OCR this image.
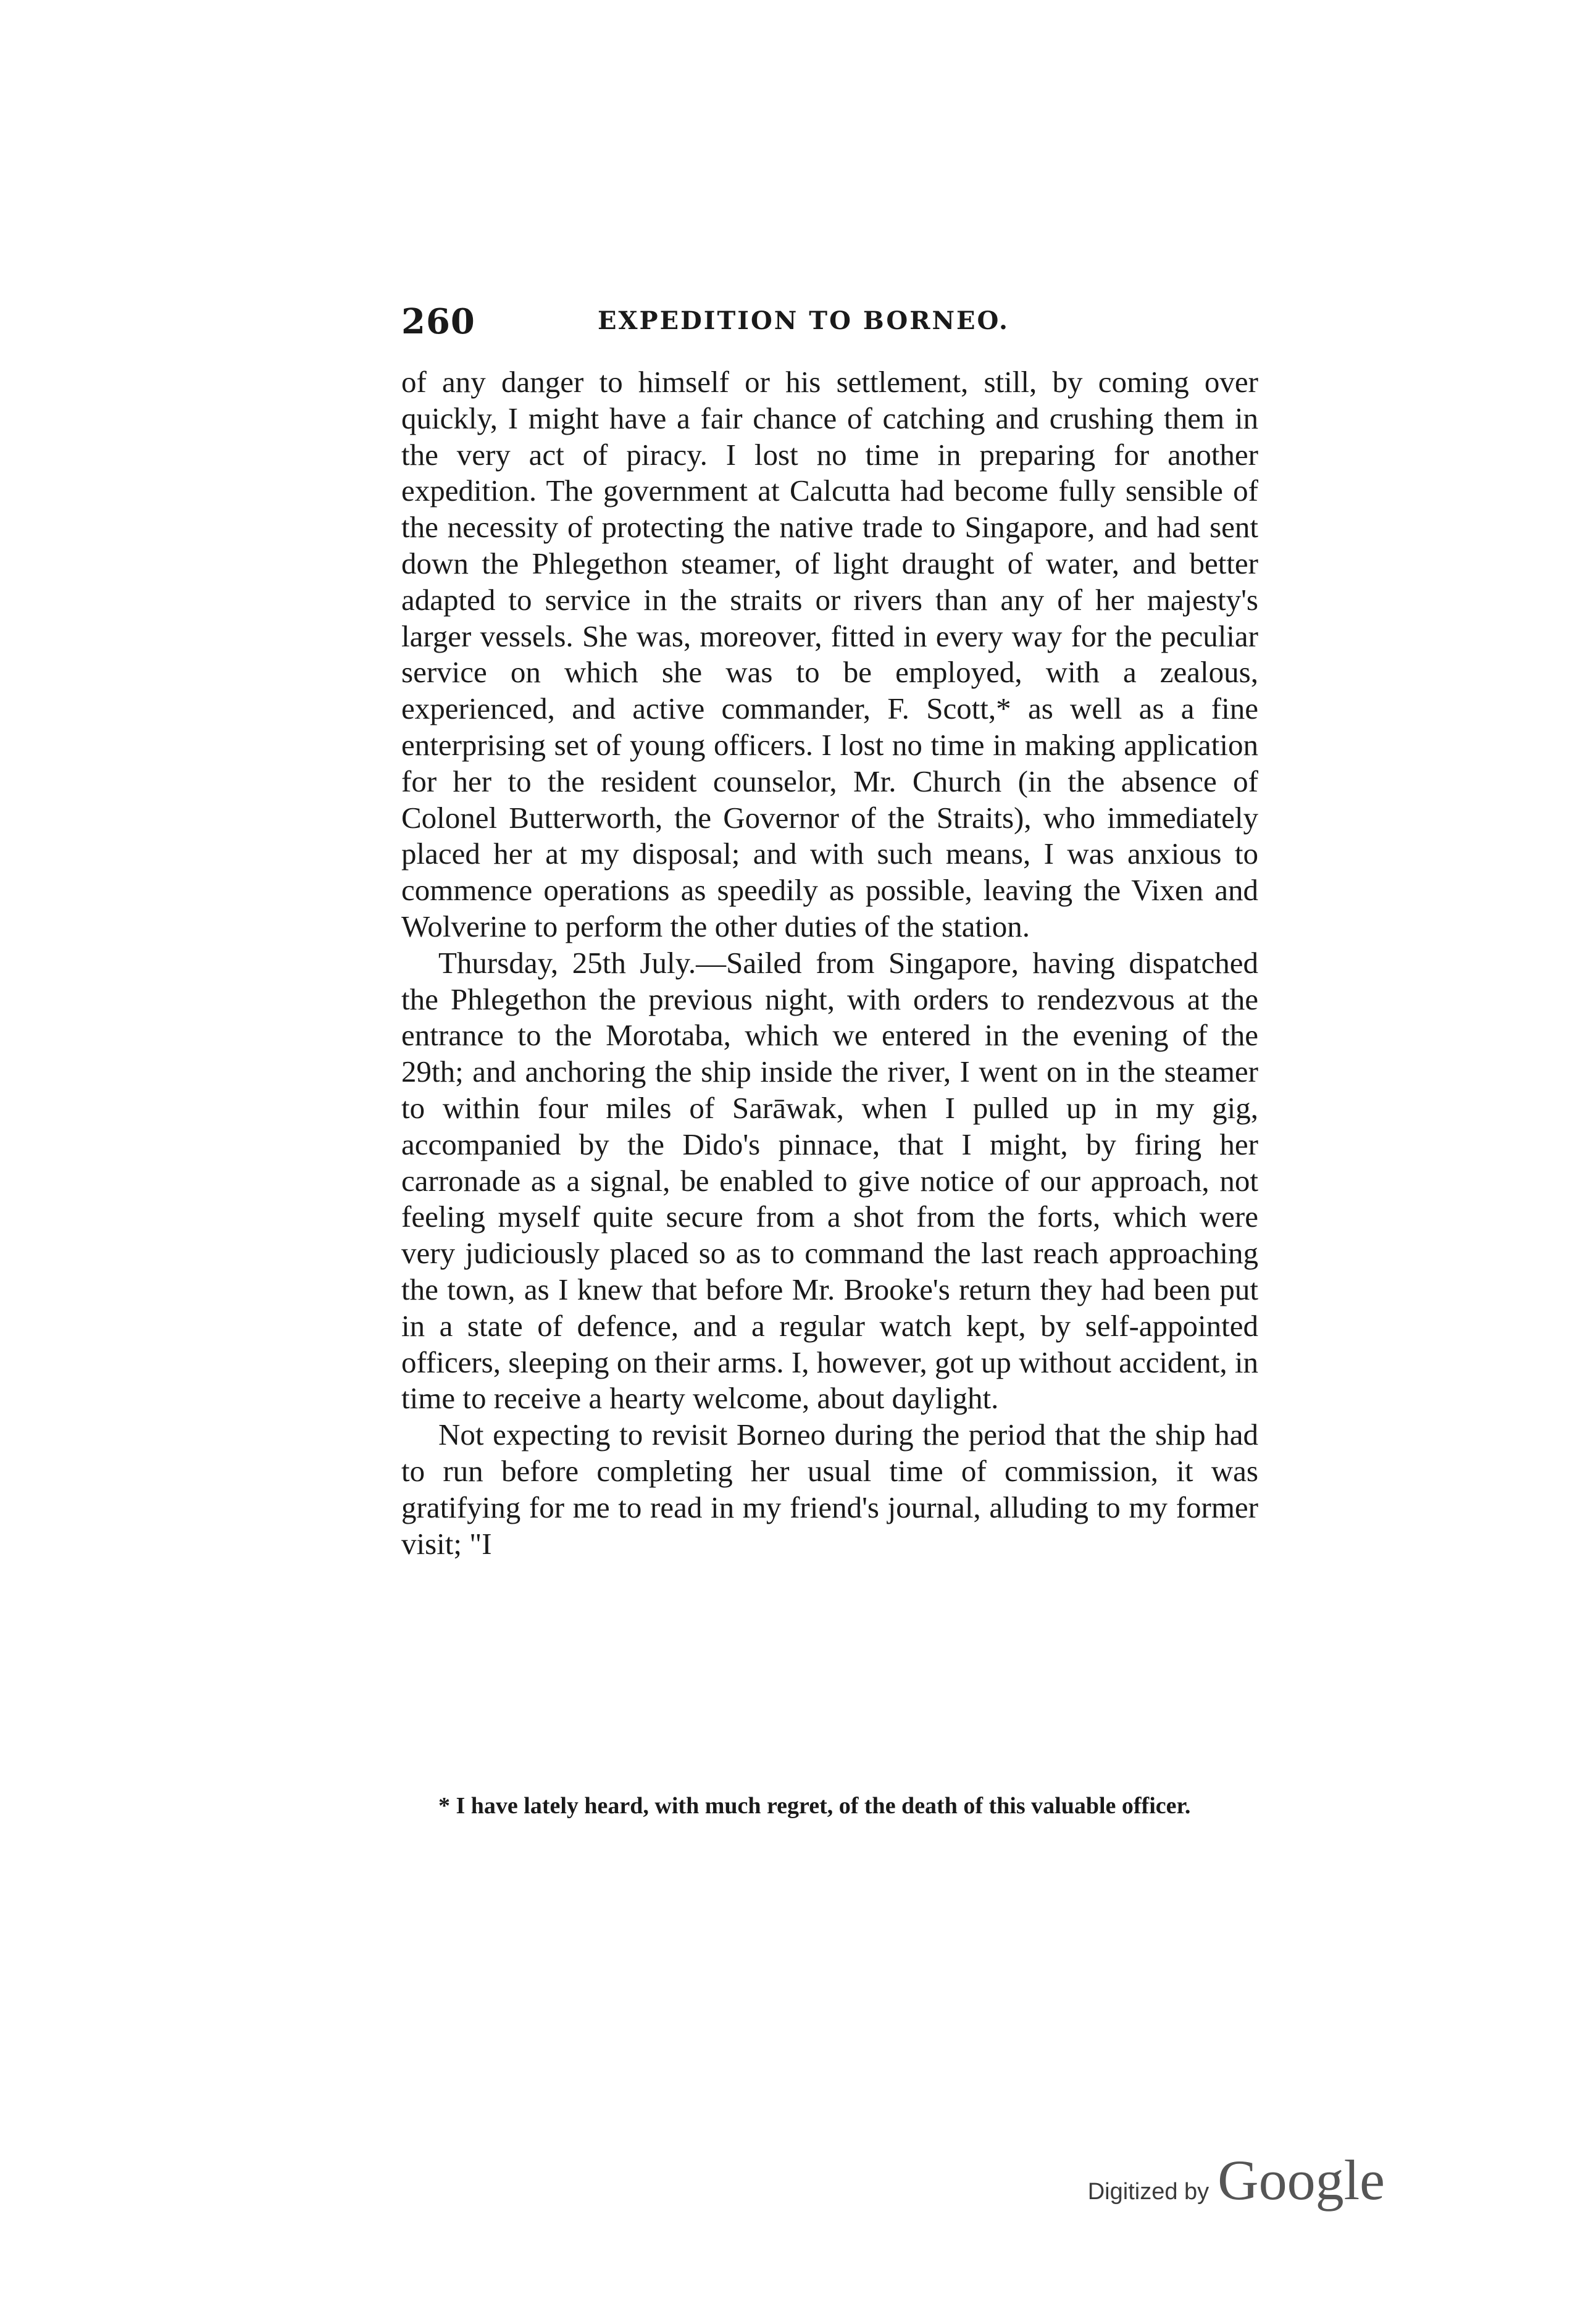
260	EXPEDITION TO BORNEO.

of any danger to himself or his settlement, still, by coming over quickly, I might have a fair chance of catching and crushing them in the very act of piracy. I lost no time in preparing for another expedition. The government at Calcutta had become fully sensible of the necessity of protecting the native trade to Singapore, and had sent down the Phlegethon steamer, of light draught of water, and better adapted to service in the straits or rivers than any of her majesty's larger vessels. She was, moreover, fitted in every way for the peculiar service on which she was to be employed, with a zealous, experienced, and active commander, F. Scott,* as well as a fine enterprising set of young officers. I lost no time in making application for her to the resident counselor, Mr. Church (in the absence of Colonel Butterworth, the Governor of the Straits), who immediately placed her at my disposal; and with such means, I was anxious to commence operations as speedily as possible, leaving the Vixen and Wolverine to perform the other duties of the station.

Thursday, 25th July.—Sailed from Singapore, having dispatched the Phlegethon the previous night, with orders to rendezvous at the entrance to the Morotaba, which we entered in the evening of the 29th; and anchoring the ship inside the river, I went on in the steamer to within four miles of Sarāwak, when I pulled up in my gig, accompanied by the Dido's pinnace, that I might, by firing her carronade as a signal, be enabled to give notice of our approach, not feeling myself quite secure from a shot from the forts, which were very judiciously placed so as to command the last reach approaching the town, as I knew that before Mr. Brooke's return they had been put in a state of defence, and a regular watch kept, by self-appointed officers, sleeping on their arms. I, however, got up without accident, in time to receive a hearty welcome, about daylight.

Not expecting to revisit Borneo during the period that the ship had to run before completing her usual time of commission, it was gratifying for me to read in my friend's journal, alluding to my former visit; "I

* I have lately heard, with much regret, of the death of this valuable officer.
Digitized by Google
